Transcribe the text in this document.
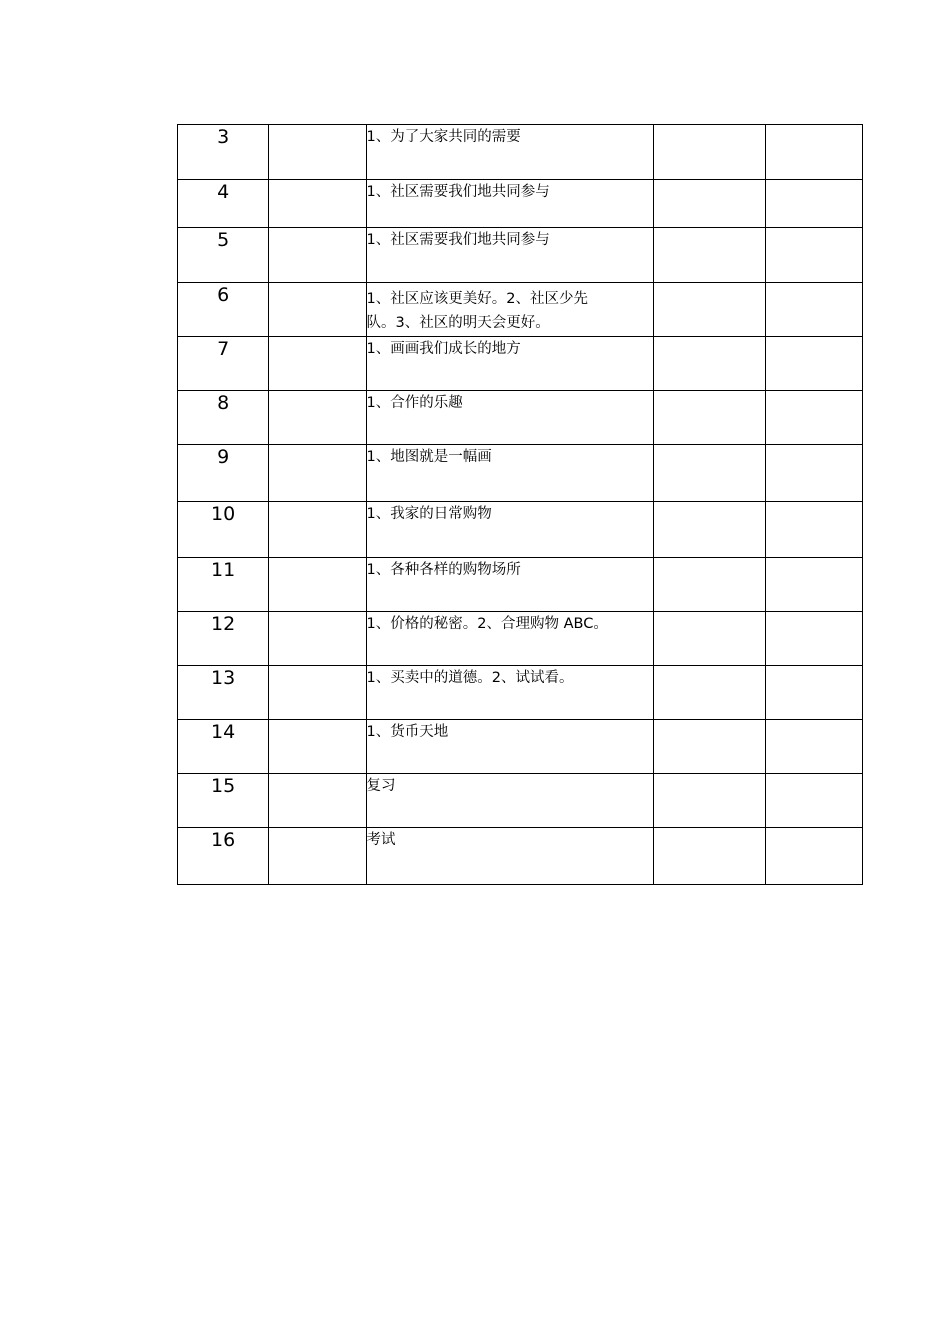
3		1、为了大家共同的需要		
4		1、社区需要我们地共同参与		
5		1、社区需要我们地共同参与		
6		1、社区应该更美好。2、社区少先
队。3、社区的明天会更好。		
7		1、画画我们成长的地方		
8		1、合作的乐趣		
9		1、地图就是一幅画		
10		1、我家的日常购物		
11		1、各种各样的购物场所		
12		1、价格的秘密。2、合理购物 ABC。		
13		1、买卖中的道德。2、试试看。		
14		1、货币天地		
15		复习		
16		考试		
